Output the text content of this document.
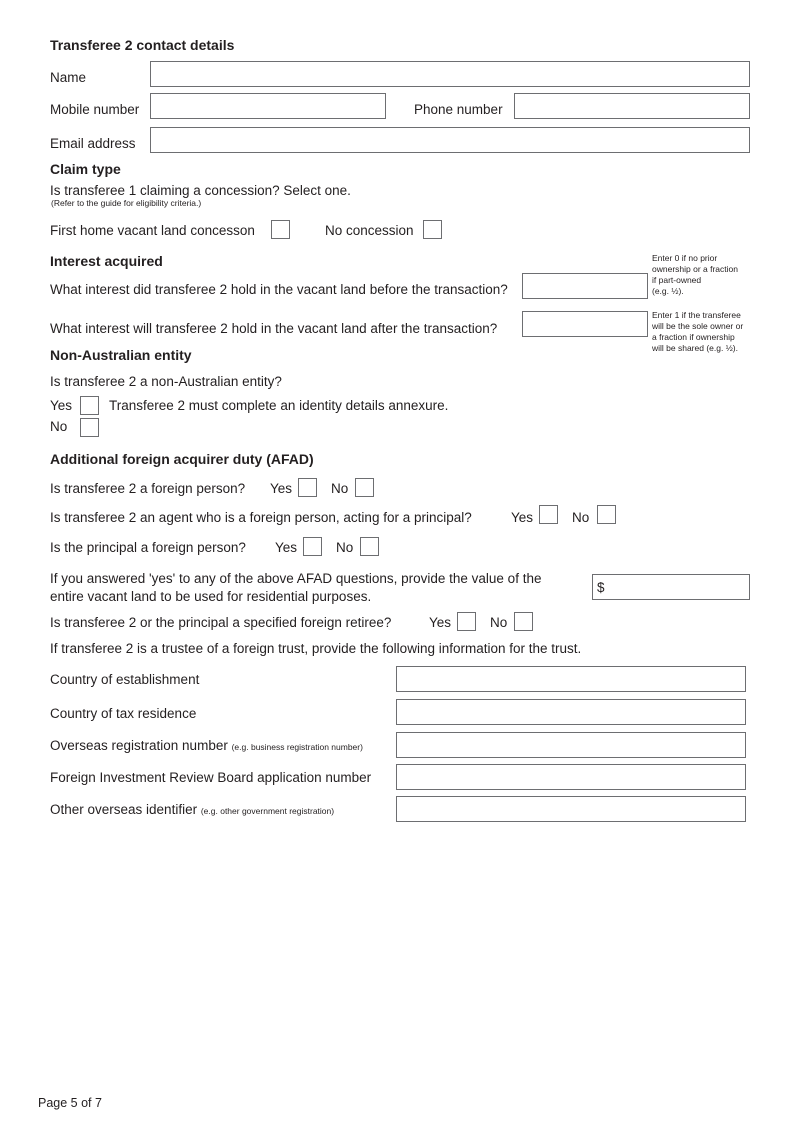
Transferee 2 contact details
Name
Mobile number	Phone number
Email address
Claim type
Is transferee 1 claiming a concession? Select one.
(Refer to the guide for eligibility criteria.)
First home vacant land concesson	No concession
Interest acquired
What interest did transferee 2 hold in the vacant land before the transaction?
Enter 0 if no prior
ownership or a fraction
if part-owned
(e.g. ½).
What interest will transferee 2 hold in the vacant land after the transaction?
Enter 1 if the transferee
will be the sole owner or
a fraction if ownership
will be shared (e.g. ½).
Non-Australian entity
Is transferee 2 a non-Australian entity?
Yes	Transferee 2 must complete an identity details annexure.
No
Additional foreign acquirer duty (AFAD)
Is transferee 2 a foreign person? Yes	No
Is transferee 2 an agent who is a foreign person, acting for a principal?	Yes	No
Is the principal a foreign person? Yes	No
If you answered 'yes' to any of the above AFAD questions, provide the value of the
entire vacant land to be used for residential purposes.
$
Is transferee 2 or the principal a specified foreign retiree?	Yes	No
If transferee 2 is a trustee of a foreign trust, provide the following information for the trust.
Country of establishment
Country of tax residence
Overseas registration number (e.g. business registration number)
Foreign Investment Review Board application number
Other overseas identifier (e.g. other government registration)
Page 5 of 7
